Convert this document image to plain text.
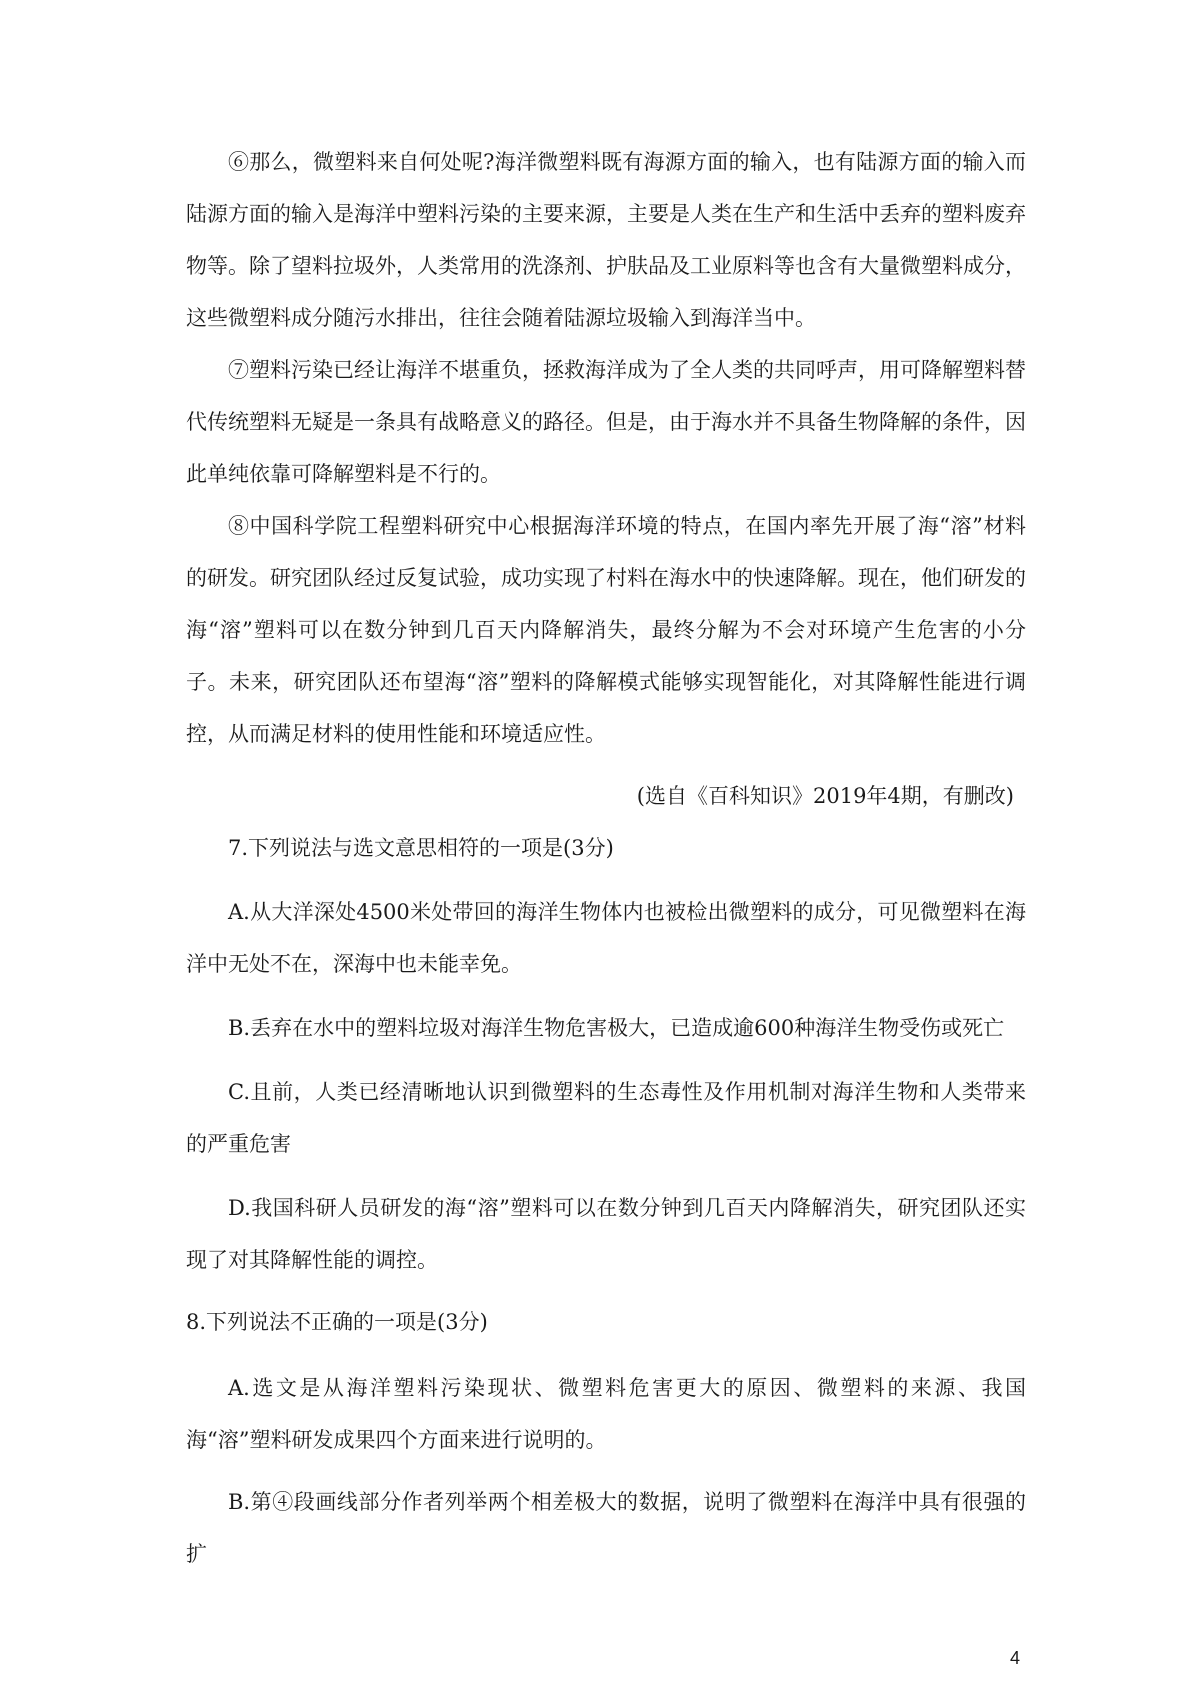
⑥那么，微塑料来自何处呢?海洋微塑料既有海源方面的输入，也有陆源方面的输入而陆源方面的输入是海洋中塑料污染的主要来源，主要是人类在生产和生活中丢弃的塑料废弃物等。除了望料拉圾外，人类常用的洗涤剂、护肤品及工业原料等也含有大量微塑料成分，这些微塑料成分随污水排出，往往会随着陆源垃圾输入到海洋当中。

⑦塑料污染已经让海洋不堪重负，拯救海洋成为了全人类的共同呼声，用可降解塑料替代传统塑料无疑是一条具有战略意义的路径。但是，由于海水并不具备生物降解的条件，因此单纯依靠可降解塑料是不行的。

⑧中国科学院工程塑料研究中心根据海洋环境的特点，在国内率先开展了海“溶”材料的研发。研究团队经过反复试验，成功实现了村料在海水中的快速降解。现在，他们研发的海“溶”塑料可以在数分钟到几百天内降解消失，最终分解为不会对环境产生危害的小分子。未来，研究团队还布望海“溶”塑料的降解模式能够实现智能化，对其降解性能进行调控，从而满足材料的使用性能和环境适应性。

(选自《百科知识》2019年4期，有删改)

7.下列说法与选文意思相符的一项是(3分)

A.从大洋深处4500米处带回的海洋生物体内也被检出微塑料的成分，可见微塑料在海洋中无处不在，深海中也未能幸免。

B.丢弃在水中的塑料垃圾对海洋生物危害极大，已造成逾600种海洋生物受伤或死亡

C.且前，人类已经清晰地认识到微塑料的生态毒性及作用机制对海洋生物和人类带来的严重危害

D.我国科研人员研发的海“溶”塑料可以在数分钟到几百天内降解消失，研究团队还实现了对其降解性能的调控。

8.下列说法不正确的一项是(3分)

A.选文是从海洋塑料污染现状、微塑料危害更大的原因、微塑料的来源、我国海“溶”塑料研发成果四个方面来进行说明的。

B.第④段画线部分作者列举两个相差极大的数据，说明了微塑料在海洋中具有很强的扩

4
